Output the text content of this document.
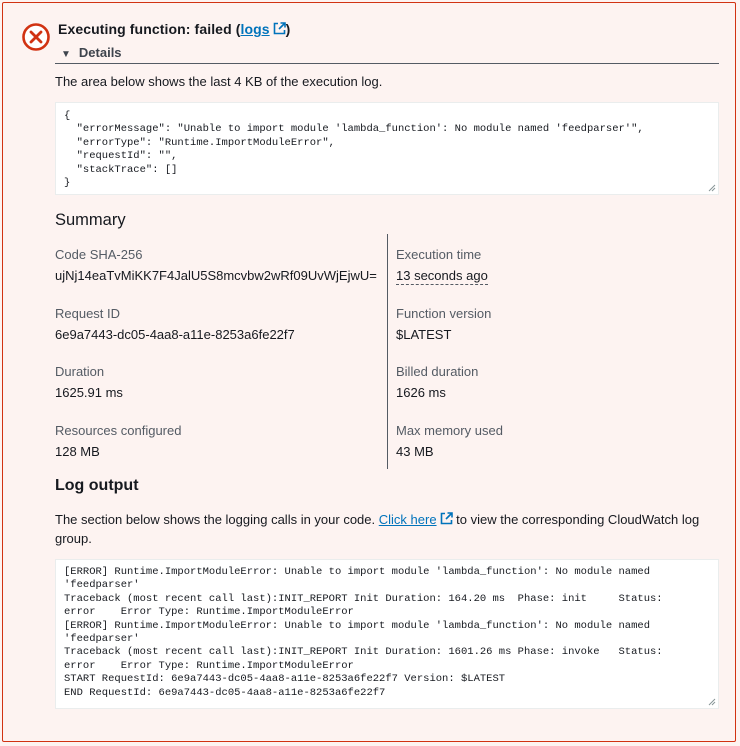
Executing function: failed (logs )
▼ Details
The area below shows the last 4 KB of the execution log.
{
"errorMessage": "Unable to import module 'lambda_function': No module named 'feedparser'",
"errorType": "Runtime.ImportModuleError",
"requestId": "",
"stackTrace": []
}
Summary
Code SHA-256
ujNj14eaTvMiKK7F4JalU5S8mcvbw2wRf09UvWjEjwU=
Request ID
6e9a7443-dc05-4aa8-a11e-8253a6fe22f7
Duration
1625.91 ms
Resources configured
128 MB
Execution time
13 seconds ago
Function version
$LATEST
Billed duration
1626 ms
Max memory used
43 MB
Log output
The section below shows the logging calls in your code. Click here to view the corresponding CloudWatch log group.
[ERROR] Runtime.ImportModuleError: Unable to import module 'lambda_function': No module named
'feedparser'
Traceback (most recent call last):INIT_REPORT Init Duration: 164.20 ms  Phase: init     Status:
error    Error Type: Runtime.ImportModuleError
[ERROR] Runtime.ImportModuleError: Unable to import module 'lambda_function': No module named
'feedparser'
Traceback (most recent call last):INIT_REPORT Init Duration: 1601.26 ms Phase: invoke   Status:
error    Error Type: Runtime.ImportModuleError
START RequestId: 6e9a7443-dc05-4aa8-a11e-8253a6fe22f7 Version: $LATEST
END RequestId: 6e9a7443-dc05-4aa8-a11e-8253a6fe22f7
